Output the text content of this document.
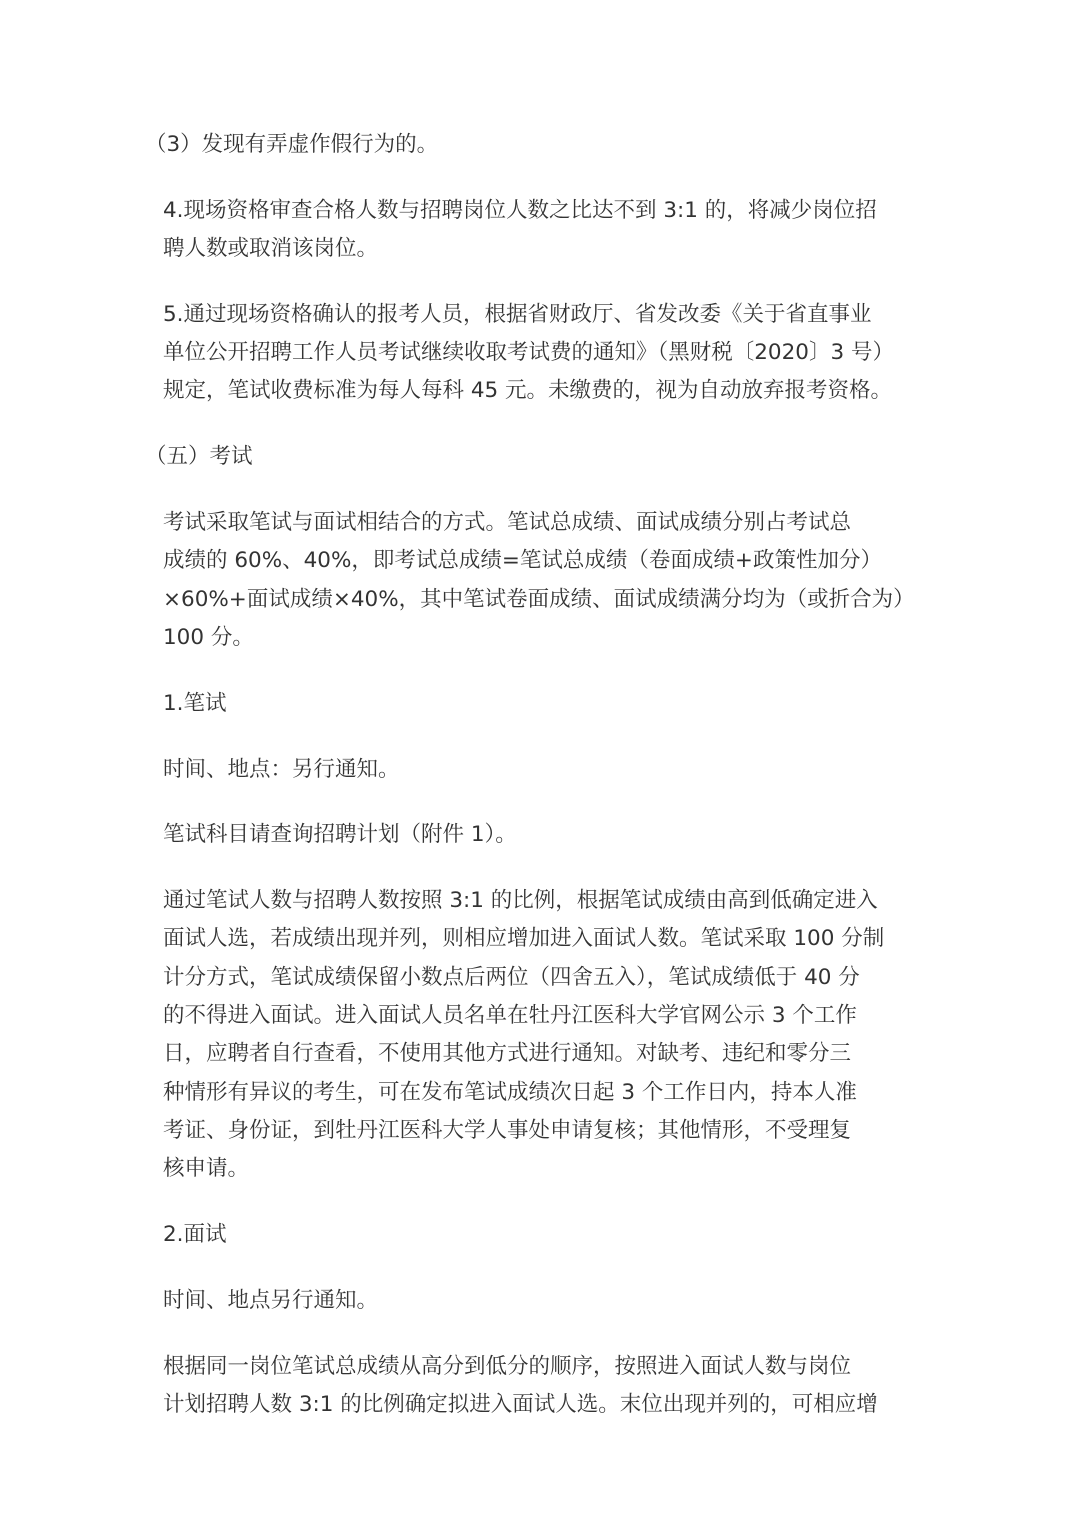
（3）发现有弄虚作假行为的。

4.现场资格审查合格人数与招聘岗位人数之比达不到 3:1 的，将减少岗位招
聘人数或取消该岗位。

5.通过现场资格确认的报考人员，根据省财政厅、省发改委《关于省直事业
单位公开招聘工作人员考试继续收取考试费的通知》（黑财税〔2020〕3 号）
规定，笔试收费标准为每人每科 45 元。未缴费的，视为自动放弃报考资格。

（五）考试

考试采取笔试与面试相结合的方式。笔试总成绩、面试成绩分别占考试总
成绩的 60%、40%，即考试总成绩=笔试总成绩（卷面成绩+政策性加分）
×60%+面试成绩×40%，其中笔试卷面成绩、面试成绩满分均为（或折合为）
100 分。

1.笔试

时间、地点：另行通知。

笔试科目请查询招聘计划（附件 1）。

通过笔试人数与招聘人数按照 3:1 的比例，根据笔试成绩由高到低确定进入
面试人选，若成绩出现并列，则相应增加进入面试人数。笔试采取 100 分制
计分方式，笔试成绩保留小数点后两位（四舍五入），笔试成绩低于 40 分
的不得进入面试。进入面试人员名单在牡丹江医科大学官网公示 3 个工作
日，应聘者自行查看，不使用其他方式进行通知。对缺考、违纪和零分三
种情形有异议的考生，可在发布笔试成绩次日起 3 个工作日内，持本人准
考证、身份证，到牡丹江医科大学人事处申请复核；其他情形，不受理复
核申请。

2.面试

时间、地点另行通知。

根据同一岗位笔试总成绩从高分到低分的顺序，按照进入面试人数与岗位
计划招聘人数 3:1 的比例确定拟进入面试人选。末位出现并列的，可相应增
